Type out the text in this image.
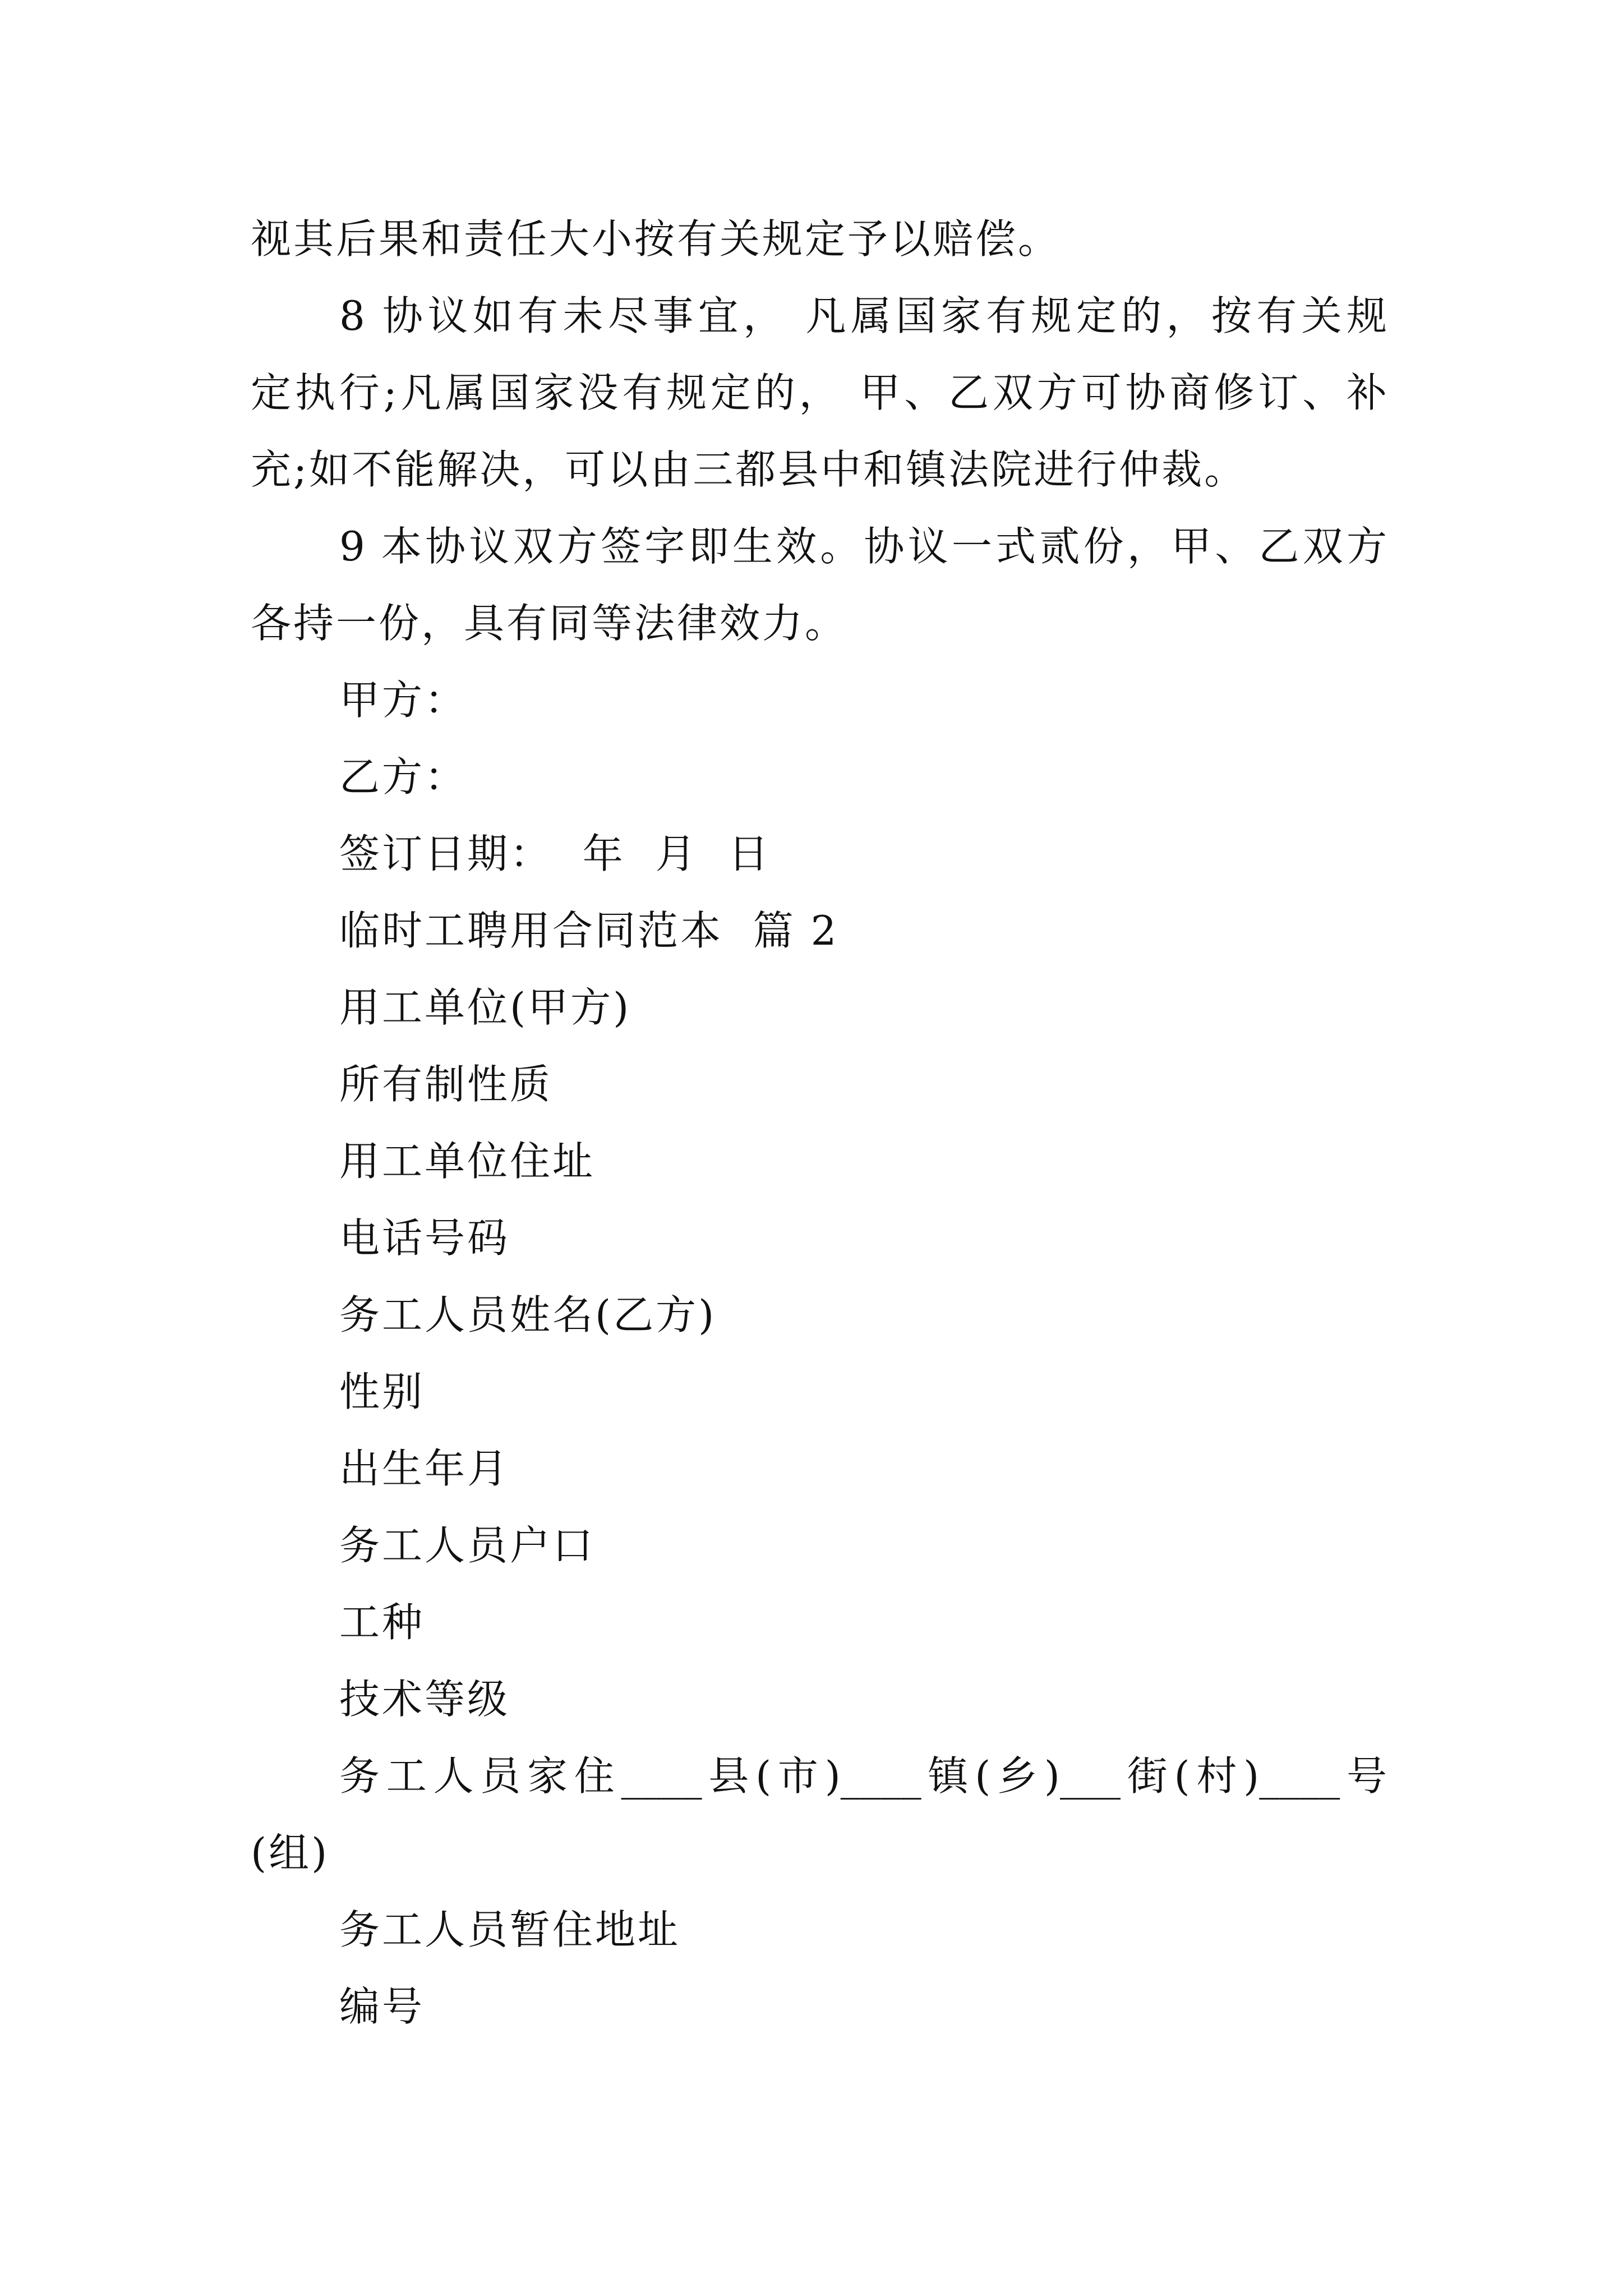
视其后果和责任大小按有关规定予以赔偿。
8 协议如有未尽事宜， 凡属国家有规定的，按有关规
定执行;凡属国家没有规定的， 甲、乙双方可协商修订、补
充;如不能解决，可以由三都县中和镇法院进行仲裁。
9 本协议双方签字即生效。协议一式贰份，甲、乙双方
各持一份，具有同等法律效力。
甲方：
乙方：
签订日期：  年  月  日
临时工聘用合同范本  篇 2
用工单位(甲方)
所有制性质
用工单位住址
电话号码
务工人员姓名(乙方)
性别
出生年月
务工人员户口
工种
技术等级
务工人员家住____县(市)____镇(乡)___街(村)____号
(组)
务工人员暂住地址
编号
